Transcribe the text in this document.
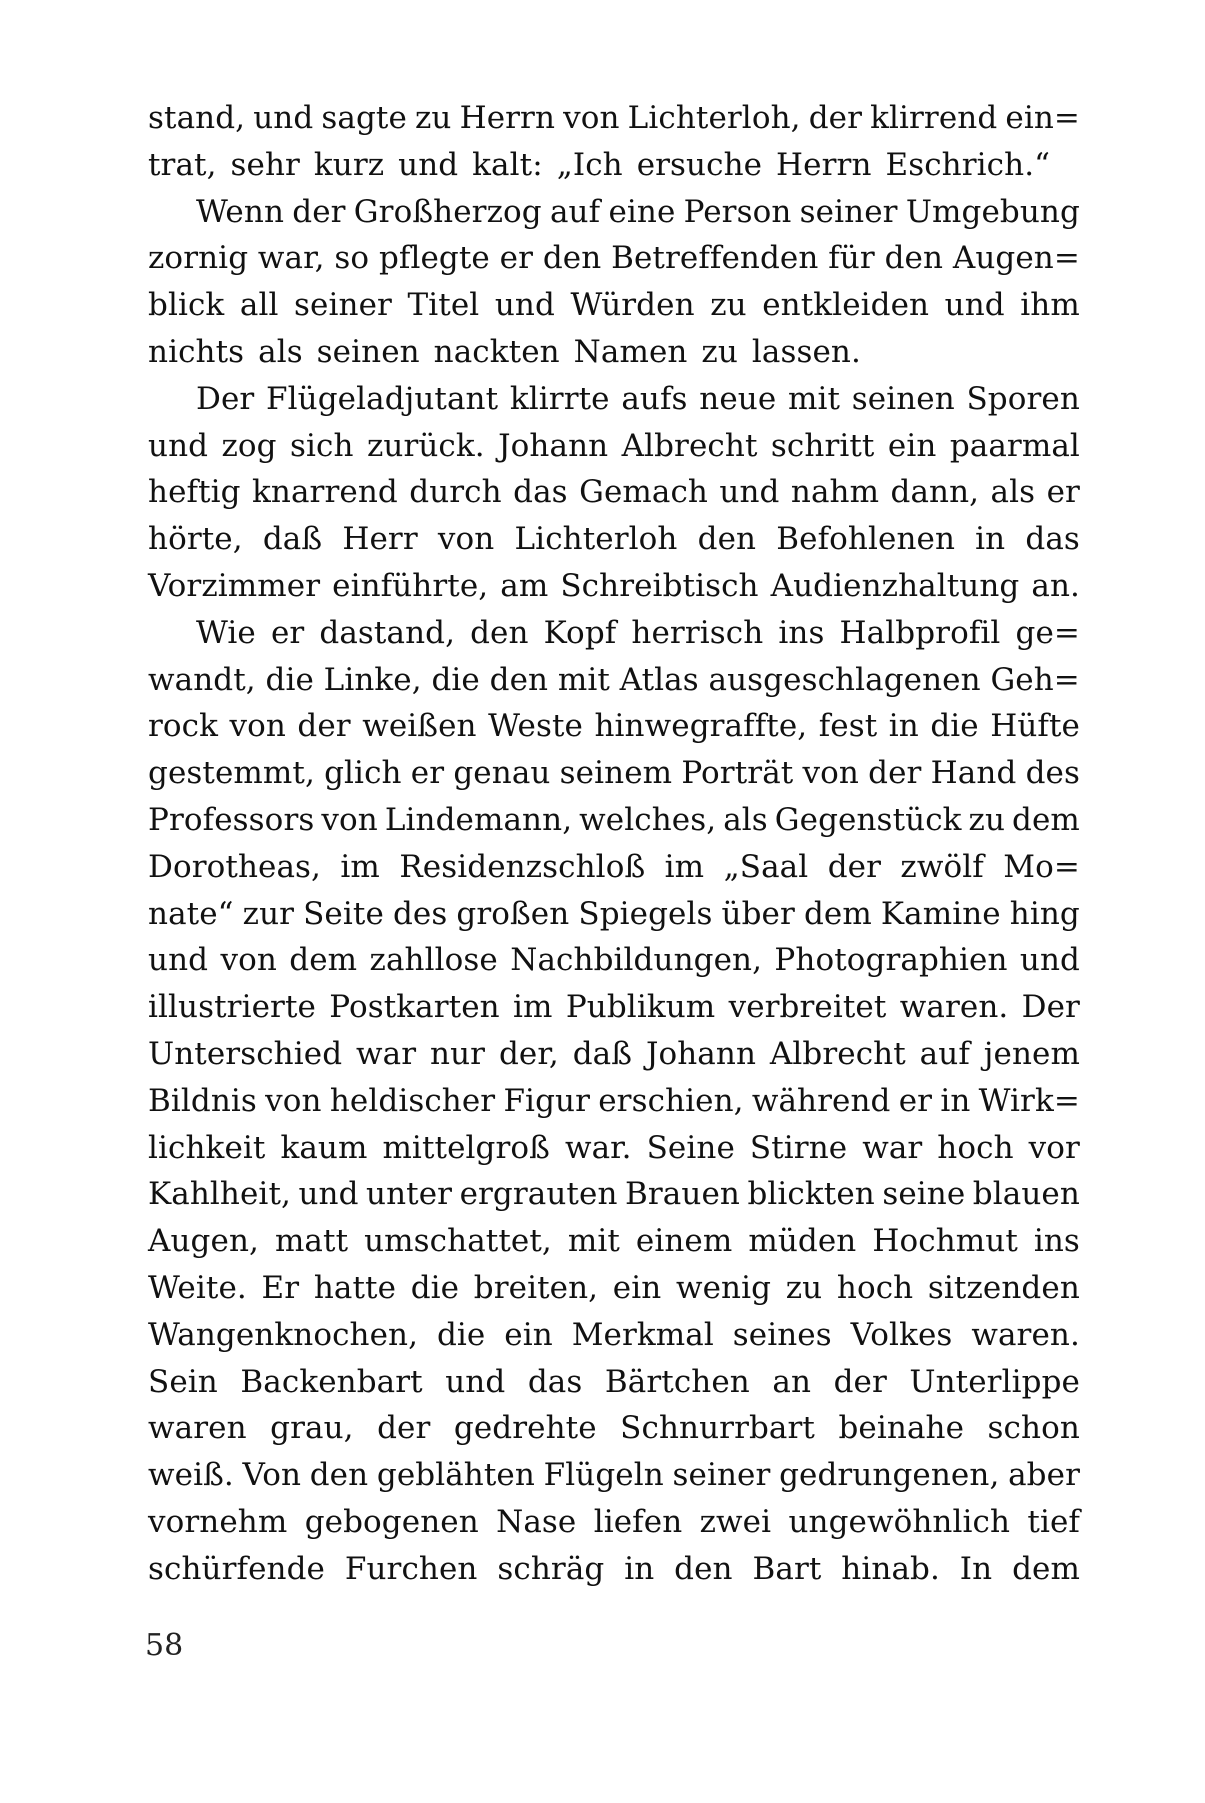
stand, und sagte zu Herrn von Lichterloh, der klirrend ein=
trat, sehr kurz und kalt: „Ich ersuche Herrn Eschrich.“
Wenn der Großherzog auf eine Person seiner Umgebung
zornig war, so pflegte er den Betreffenden für den Augen=
blick all seiner Titel und Würden zu entkleiden und ihm
nichts als seinen nackten Namen zu lassen.
Der Flügeladjutant klirrte aufs neue mit seinen Sporen
und zog sich zurück. Johann Albrecht schritt ein paarmal
heftig knarrend durch das Gemach und nahm dann, als er
hörte, daß Herr von Lichterloh den Befohlenen in das
Vorzimmer einführte, am Schreibtisch Audienzhaltung an.
Wie er dastand, den Kopf herrisch ins Halbprofil ge=
wandt, die Linke, die den mit Atlas ausgeschlagenen Geh=
rock von der weißen Weste hinwegraffte, fest in die Hüfte
gestemmt, glich er genau seinem Porträt von der Hand des
Professors von Lindemann, welches, als Gegenstück zu dem
Dorotheas, im Residenzschloß im „Saal der zwölf Mo=
nate“ zur Seite des großen Spiegels über dem Kamine hing
und von dem zahllose Nachbildungen, Photographien und
illustrierte Postkarten im Publikum verbreitet waren. Der
Unterschied war nur der, daß Johann Albrecht auf jenem
Bildnis von heldischer Figur erschien, während er in Wirk=
lichkeit kaum mittelgroß war. Seine Stirne war hoch vor
Kahlheit, und unter ergrauten Brauen blickten seine blauen
Augen, matt umschattet, mit einem müden Hochmut ins
Weite. Er hatte die breiten, ein wenig zu hoch sitzenden
Wangenknochen, die ein Merkmal seines Volkes waren.
Sein Backenbart und das Bärtchen an der Unterlippe
waren grau, der gedrehte Schnurrbart beinahe schon
weiß. Von den geblähten Flügeln seiner gedrungenen, aber
vornehm gebogenen Nase liefen zwei ungewöhnlich tief
schürfende Furchen schräg in den Bart hinab. In dem
58
